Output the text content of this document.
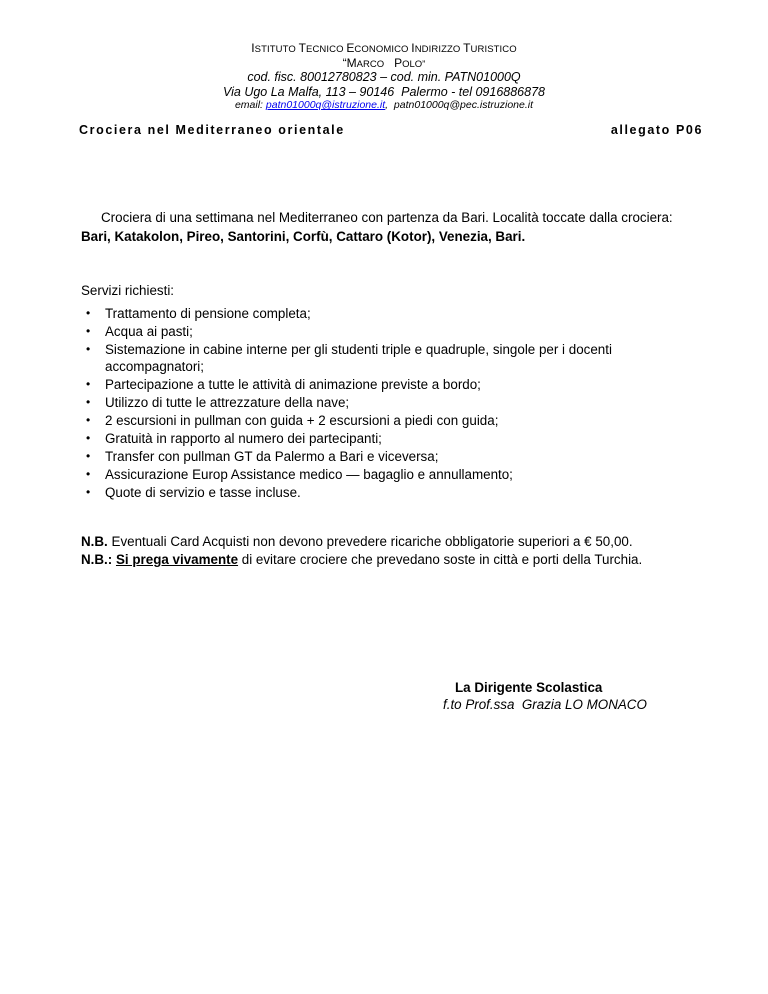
ISTITUTO TECNICO ECONOMICO INDIRIZZO TURISTICO
“MARCO   POLO”
cod. fisc. 80012780823 – cod. min. PATN01000Q
Via Ugo La Malfa, 113 – 90146  Palermo - tel 0916886878
email: patn01000q@istruzione.it,  patn01000q@pec.istruzione.it
Crociera nel Mediterraneo orientale	allegato P06
Crociera di una settimana nel Mediterraneo con partenza da Bari. Località toccate dalla crociera: Bari, Katakolon, Pireo, Santorini, Corfù, Cattaro (Kotor), Venezia, Bari.
Servizi richiesti:
• Trattamento di pensione completa;
• Acqua ai pasti;
• Sistemazione in cabine interne per gli studenti triple e quadruple, singole per i docenti accompagnatori;
• Partecipazione a tutte le attività di animazione previste a bordo;
• Utilizzo di tutte le attrezzature della nave;
• 2 escursioni in pullman con guida + 2 escursioni a piedi con guida;
• Gratuità in rapporto al numero dei partecipanti;
• Transfer con pullman GT da Palermo a Bari e viceversa;
• Assicurazione Europ Assistance medico — bagaglio e annullamento;
• Quote di servizio e tasse incluse.
N.B. Eventuali Card Acquisti non devono prevedere ricariche obbligatorie superiori a € 50,00.
N.B.: Si prega vivamente di evitare crociere che prevedano soste in città e porti della Turchia.
La Dirigente Scolastica
f.to Prof.ssa  Grazia LO MONACO
